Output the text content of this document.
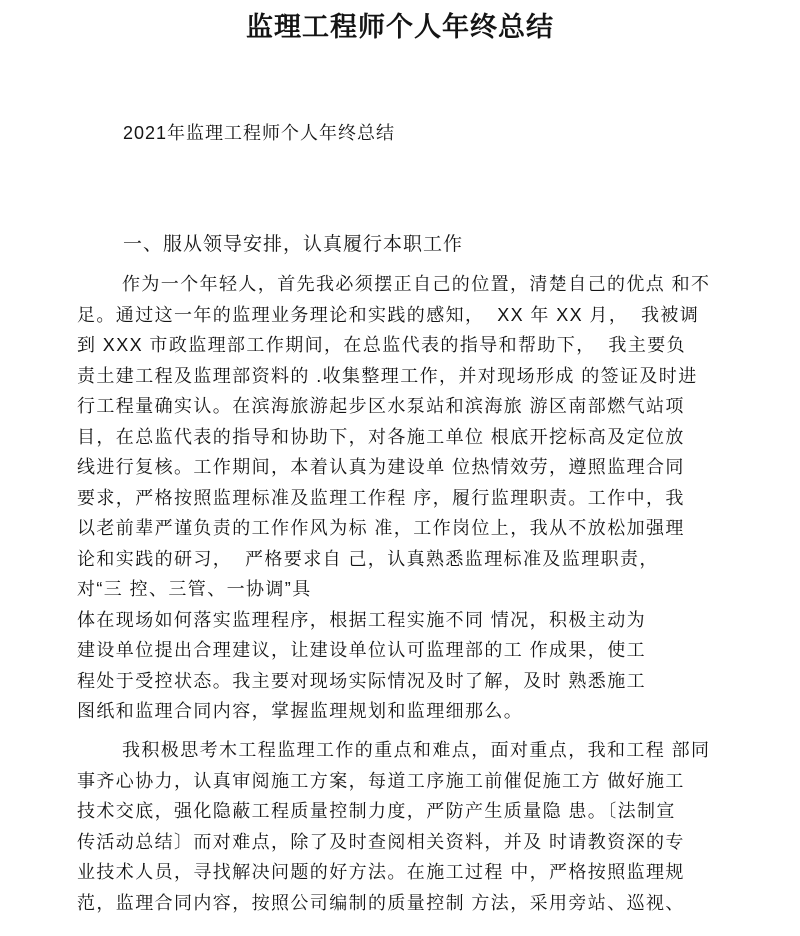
监理工程师个人年终总结
2021年监理工程师个人年终总结
一、服从领导安排，认真履行本职工作
作为一个年轻人，首先我必须摆正自己的位置，清楚自己的优点 和不
足。通过这一年的监理业务理论和实践的感知，  XX 年 XX 月，  我被调
到 XXX 市政监理部工作期间，在总监代表的指导和帮助下，  我主要负
责土建工程及监理部资料的 .收集整理工作，并对现场形成 的签证及时进
行工程量确实认。在滨海旅游起步区水泵站和滨海旅 游区南部燃气站项
目，在总监代表的指导和协助下，对各施工单位 根底开挖标高及定位放
线进行复核。工作期间，本着认真为建设单 位热情效劳，遵照监理合同
要求，严格按照监理标准及监理工作程 序，履行监理职责。工作中，我
以老前辈严谨负责的工作作风为标 准，工作岗位上，我从不放松加强理
论和实践的研习，  严格要求自 己，认真熟悉监理标准及监理职责，
对“三 控、三管、一协调”具
体在现场如何落实监理程序，根据工程实施不同 情况，积极主动为
建设单位提出合理建议，让建设单位认可监理部的工 作成果，使工
程处于受控状态。我主要对现场实际情况及时了解，及时 熟悉施工
图纸和监理合同内容，掌握监理规划和监理细那么。
我积极思考木工程监理工作的重点和难点，面对重点，我和工程 部同
事齐心协力，认真审阅施工方案，每道工序施工前催促施工方 做好施工
技术交底，强化隐蔽工程质量控制力度，严防产生质量隐 患。〔法制宣
传活动总结〕而对难点，除了及时查阅相关资料，并及 时请教资深的专
业技术人员，寻找解决问题的好方法。在施工过程 中，严格按照监理规
范，监理合同内容，按照公司编制的质量控制 方法，采用旁站、巡视、
